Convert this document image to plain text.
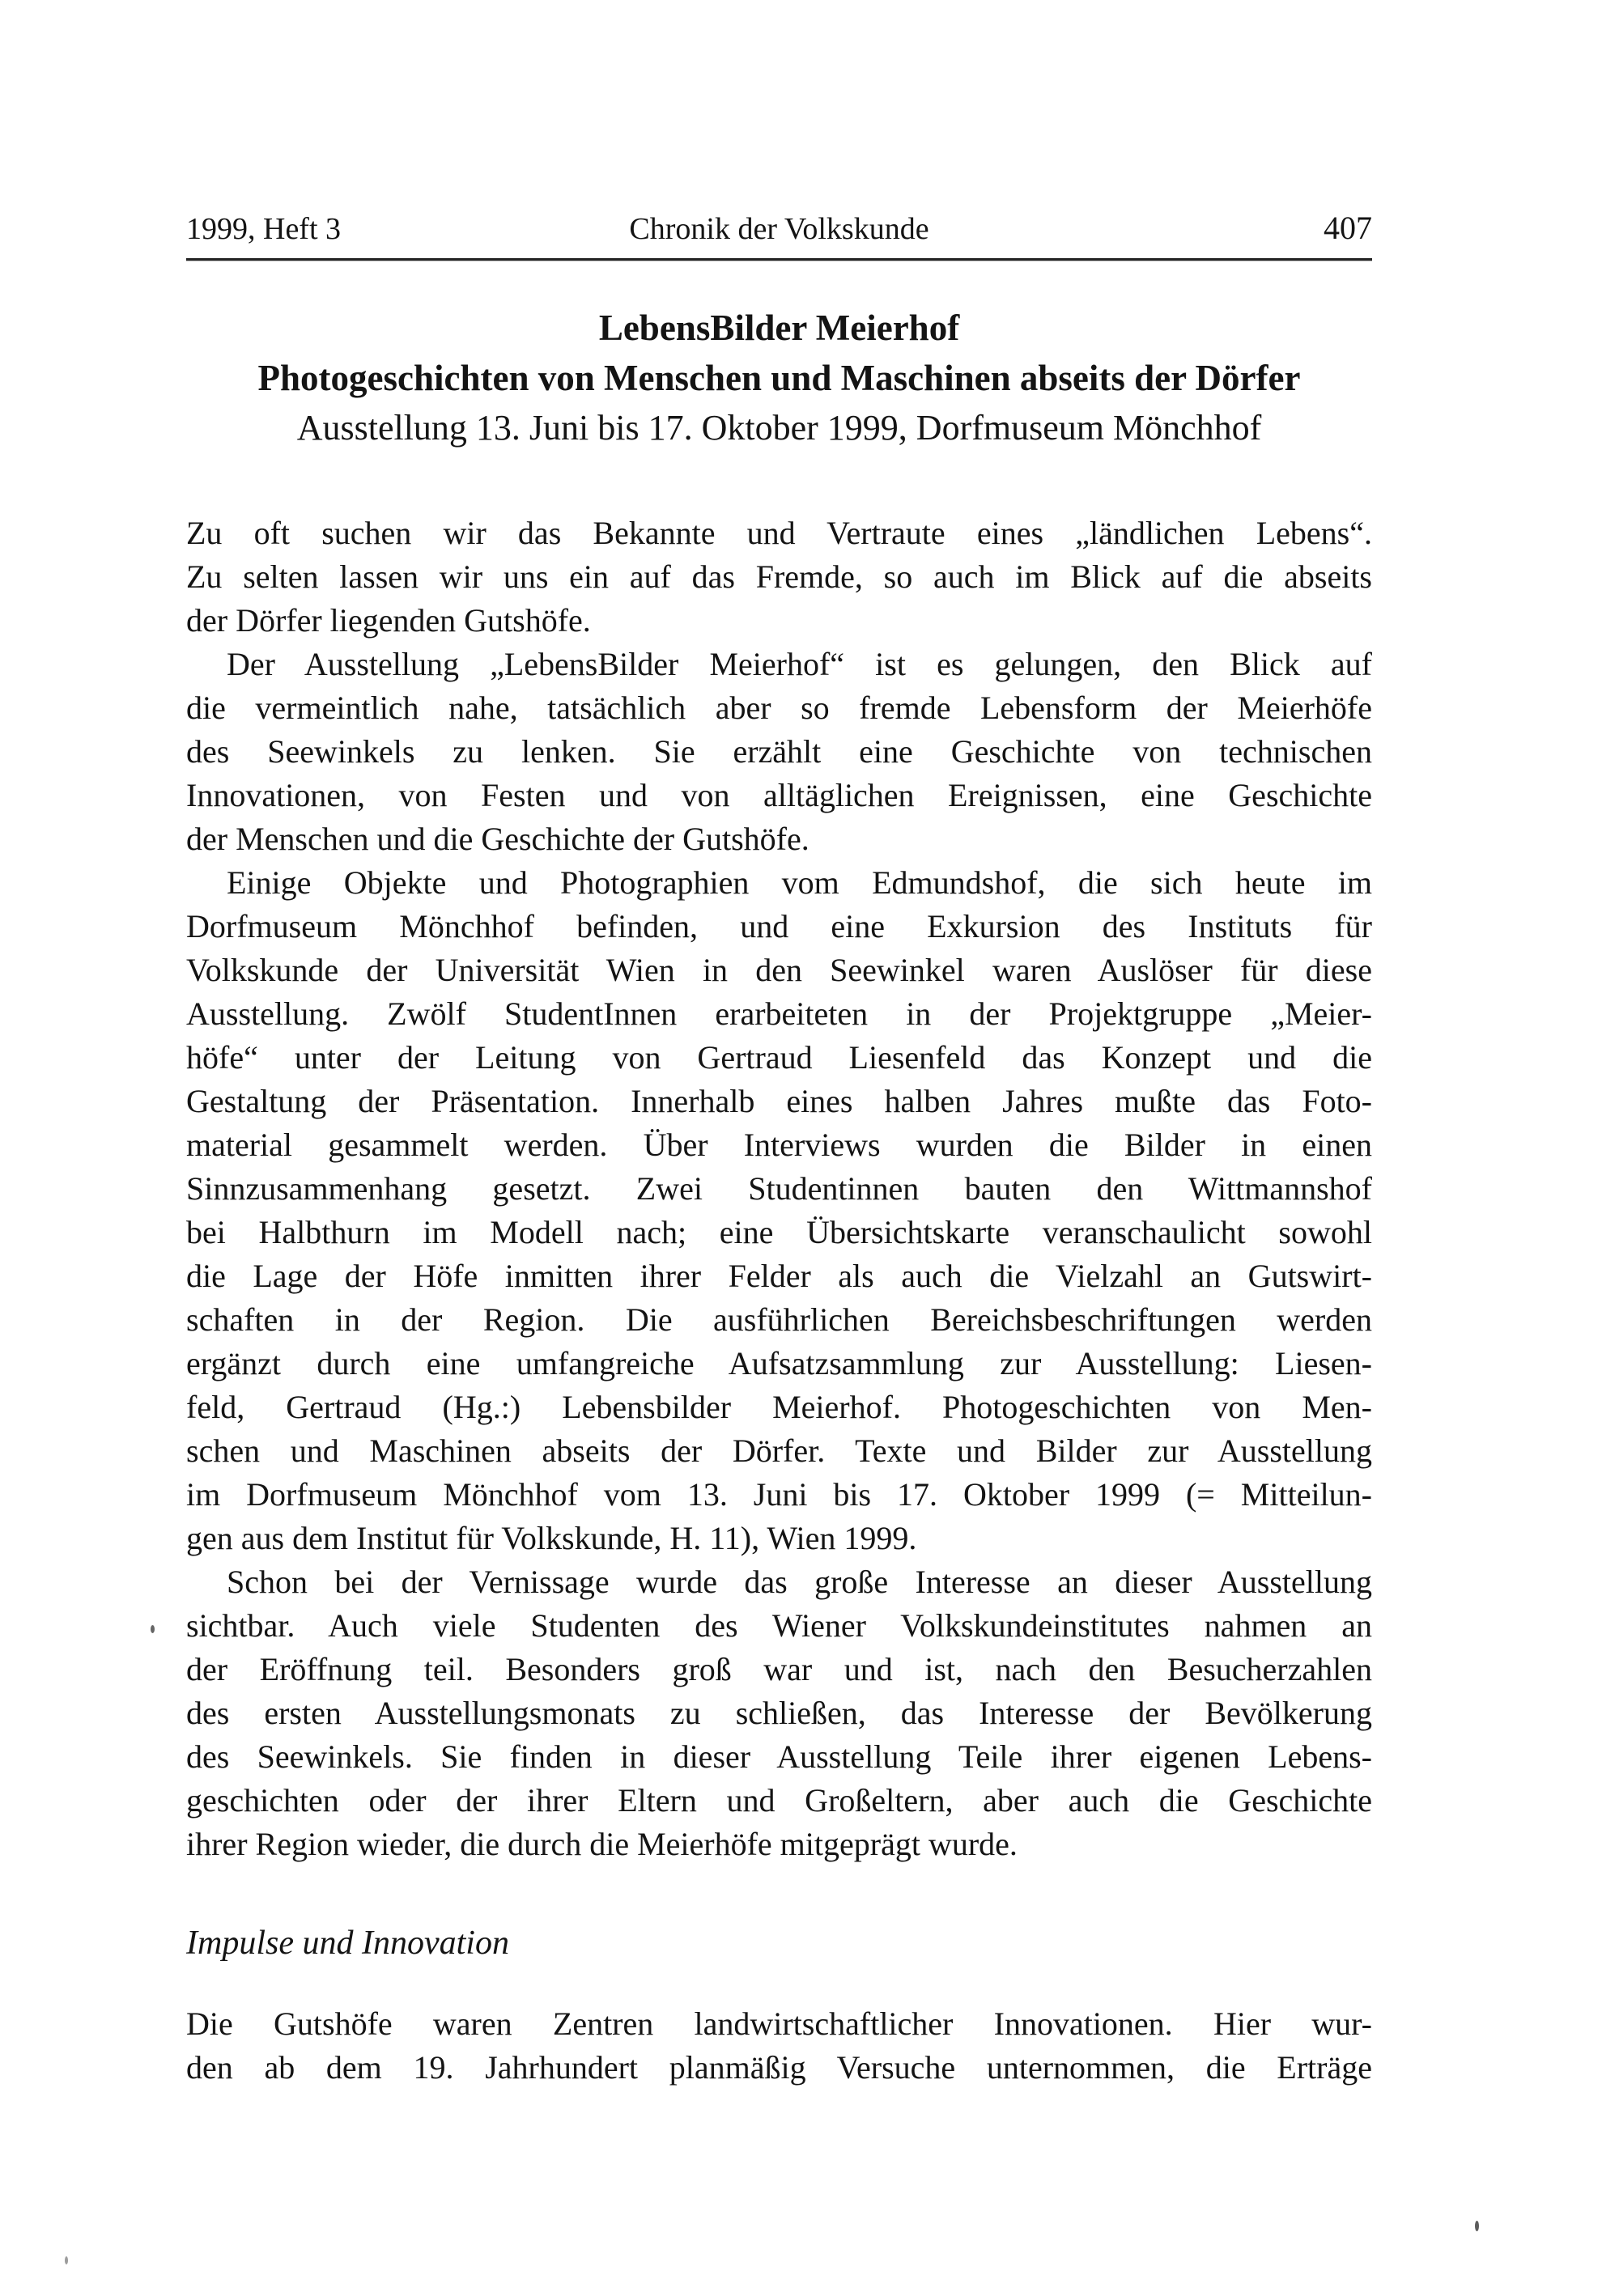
1999, Heft 3	Chronik der Volkskunde	407
LebensBilder Meierhof
Photogeschichten von Menschen und Maschinen abseits der Dörfer
Ausstellung 13. Juni bis 17. Oktober 1999, Dorfmuseum Mönchhof
Zu oft suchen wir das Bekannte und Vertraute eines „ländlichen Lebens“.
Zu selten lassen wir uns ein auf das Fremde, so auch im Blick auf die abseits
der Dörfer liegenden Gutshöfe.
Der Ausstellung „LebensBilder Meierhof“ ist es gelungen, den Blick auf
die vermeintlich nahe, tatsächlich aber so fremde Lebensform der Meierhöfe
des Seewinkels zu lenken. Sie erzählt eine Geschichte von technischen
Innovationen, von Festen und von alltäglichen Ereignissen, eine Geschichte
der Menschen und die Geschichte der Gutshöfe.
Einige Objekte und Photographien vom Edmundshof, die sich heute im
Dorfmuseum Mönchhof befinden, und eine Exkursion des Instituts für
Volkskunde der Universität Wien in den Seewinkel waren Auslöser für diese
Ausstellung. Zwölf StudentInnen erarbeiteten in der Projektgruppe „Meier-
höfe“ unter der Leitung von Gertraud Liesenfeld das Konzept und die
Gestaltung der Präsentation. Innerhalb eines halben Jahres mußte das Foto-
material gesammelt werden. Über Interviews wurden die Bilder in einen
Sinnzusammenhang gesetzt. Zwei Studentinnen bauten den Wittmannshof
bei Halbthurn im Modell nach; eine Übersichtskarte veranschaulicht sowohl
die Lage der Höfe inmitten ihrer Felder als auch die Vielzahl an Gutswirt-
schaften in der Region. Die ausführlichen Bereichsbeschriftungen werden
ergänzt durch eine umfangreiche Aufsatzsammlung zur Ausstellung: Liesen-
feld, Gertraud (Hg.:) Lebensbilder Meierhof. Photogeschichten von Men-
schen und Maschinen abseits der Dörfer. Texte und Bilder zur Ausstellung
im Dorfmuseum Mönchhof vom 13. Juni bis 17. Oktober 1999 (= Mitteilun-
gen aus dem Institut für Volkskunde, H. 11), Wien 1999.
Schon bei der Vernissage wurde das große Interesse an dieser Ausstellung
sichtbar. Auch viele Studenten des Wiener Volkskundeinstitutes nahmen an
der Eröffnung teil. Besonders groß war und ist, nach den Besucherzahlen
des ersten Ausstellungsmonats zu schließen, das Interesse der Bevölkerung
des Seewinkels. Sie finden in dieser Ausstellung Teile ihrer eigenen Lebens-
geschichten oder der ihrer Eltern und Großeltern, aber auch die Geschichte
ihrer Region wieder, die durch die Meierhöfe mitgeprägt wurde.
Impulse und Innovation
Die Gutshöfe waren Zentren landwirtschaftlicher Innovationen. Hier wur-
den ab dem 19. Jahrhundert planmäßig Versuche unternommen, die Erträge
